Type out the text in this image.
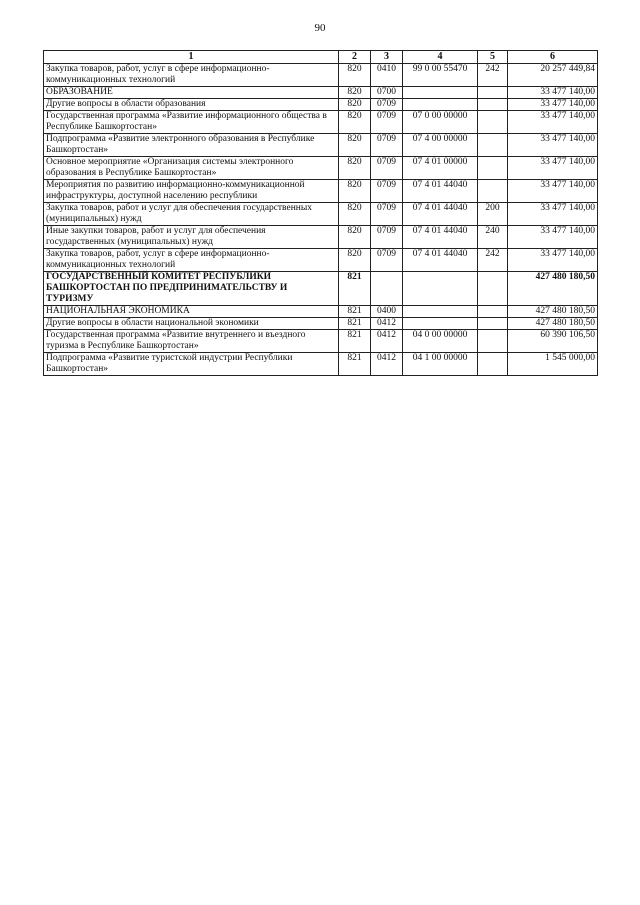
90
1	2	3	4	5	6
Закупка товаров, работ, услуг в сфере информационно-коммуникационных технологий	820	0410	99 0 00 55470	242	20 257 449,84
ОБРАЗОВАНИЕ	820	0700			33 477 140,00
Другие вопросы в области образования	820	0709			33 477 140,00
Государственная программа «Развитие информационного общества в Республике Башкортостан»	820	0709	07 0 00 00000		33 477 140,00
Подпрограмма «Развитие электронного образования в Республике Башкортостан»	820	0709	07 4 00 00000		33 477 140,00
Основное мероприятие «Организация системы электронного образования в Республике Башкортостан»	820	0709	07 4 01 00000		33 477 140,00
Мероприятия по развитию информационно-коммуникационной инфраструктуры, доступной населению республики	820	0709	07 4 01 44040		33 477 140,00
Закупка товаров, работ и услуг для обеспечения государственных (муниципальных) нужд	820	0709	07 4 01 44040	200	33 477 140,00
Иные закупки товаров, работ и услуг для обеспечения государственных (муниципальных) нужд	820	0709	07 4 01 44040	240	33 477 140,00
Закупка товаров, работ, услуг в сфере информационно-коммуникационных технологий	820	0709	07 4 01 44040	242	33 477 140,00
ГОСУДАРСТВЕННЫЙ КОМИТЕТ РЕСПУБЛИКИ БАШКОРТОСТАН ПО ПРЕДПРИНИМАТЕЛЬСТВУ И ТУРИЗМУ	821				427 480 180,50
НАЦИОНАЛЬНАЯ ЭКОНОМИКА	821	0400			427 480 180,50
Другие вопросы в области национальной экономики	821	0412			427 480 180,50
Государственная программа «Развитие внутреннего и въездного туризма в Республике Башкортостан»	821	0412	04 0 00 00000		60 390 106,50
Подпрограмма «Развитие туристской индустрии Республики Башкортостан»	821	0412	04 1 00 00000		1 545 000,00
